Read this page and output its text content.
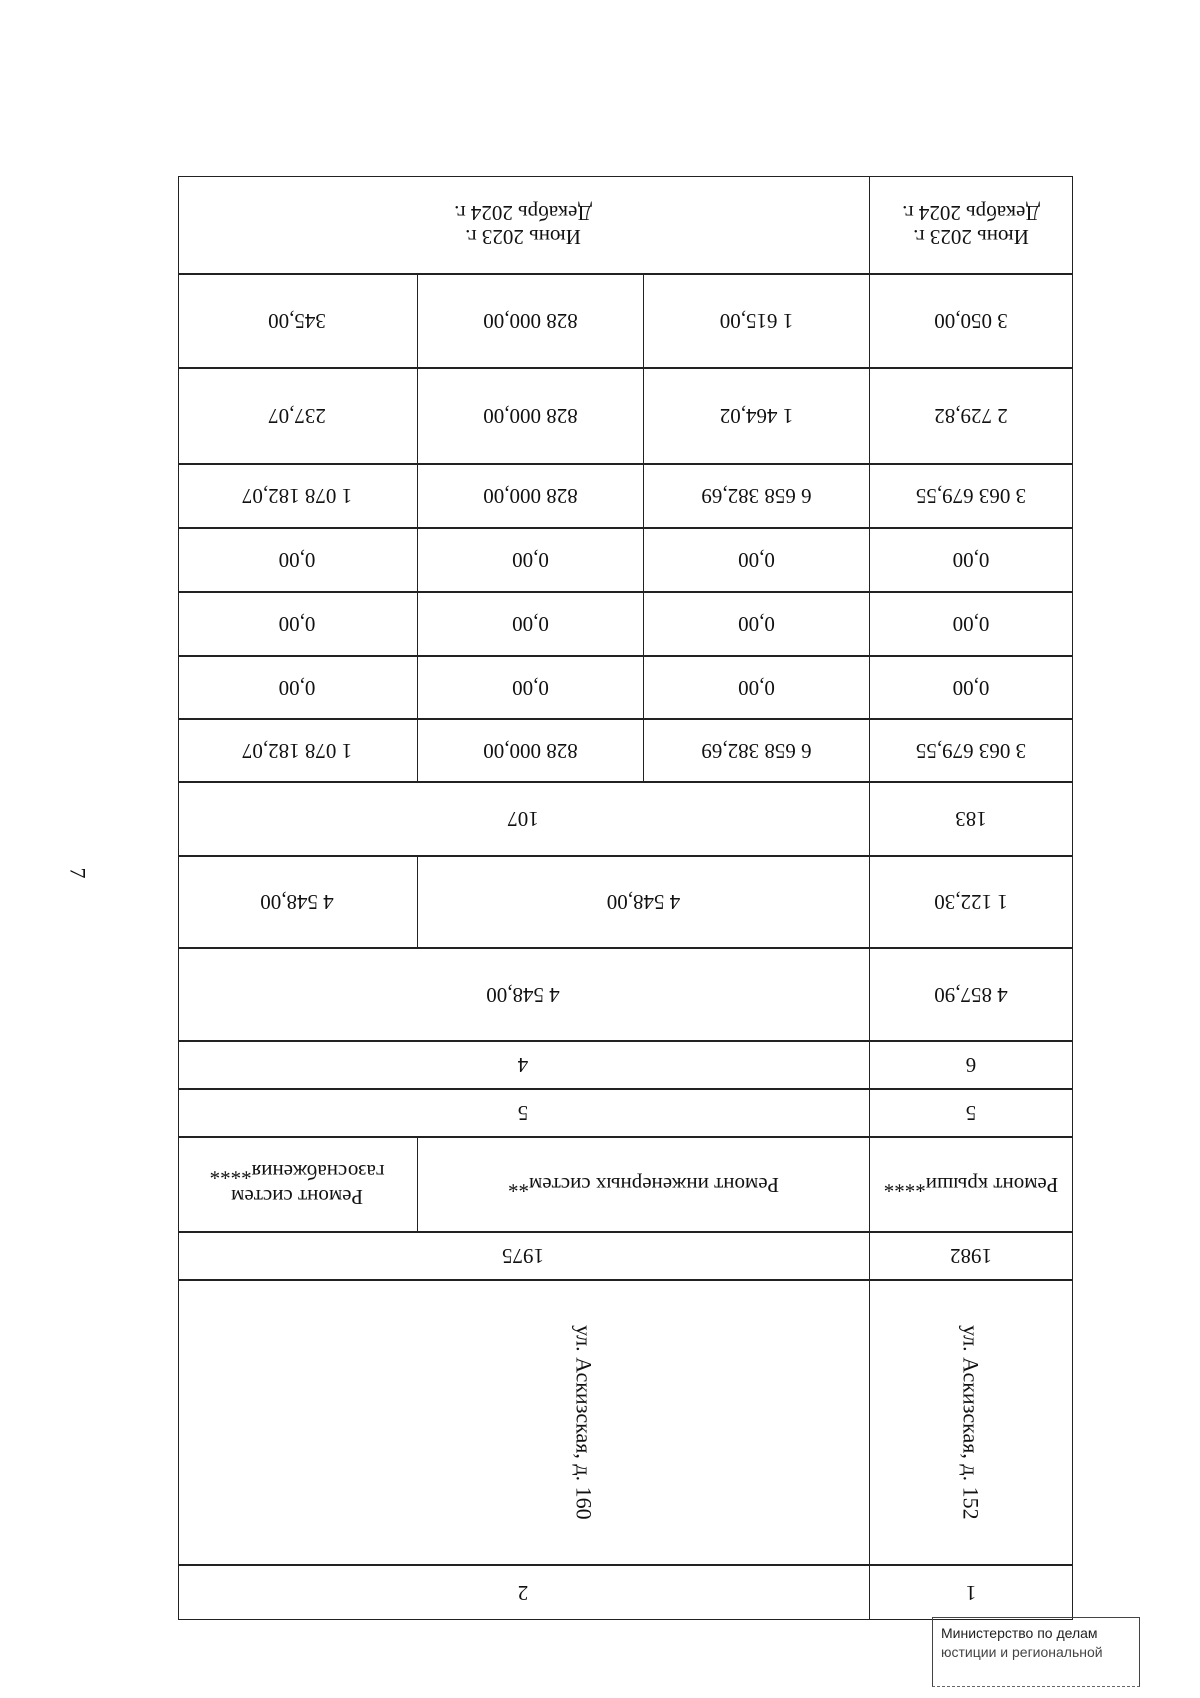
7
1
2
ул. Аскизская, д. 152
ул. Аскизская, д. 160
1982
1975
Ремонт крыши****
Ремонт инженерных систем**
Ремонт систем газоснабжения****
5
5
6
4
4 857,90
4 548,00
1 122,30
4 548,00
4 548,00
183
107
3 063 679,55
6 658 382,69
828 000,00
1 078 182,07
0,00
0,00
0,00
0,00
0,00
0,00
0,00
0,00
0,00
0,00
0,00
0,00
3 063 679,55
6 658 382,69
828 000,00
1 078 182,07
2 729,82
1 464,02
828 000,00
237,07
3 050,00
1 615,00
828 000,00
345,00
Июнь 2023 г. Декабрь 2024 г.
Июнь 2023 г. Декабрь 2024 г.
Министерство по делам
юстиции и региональной
